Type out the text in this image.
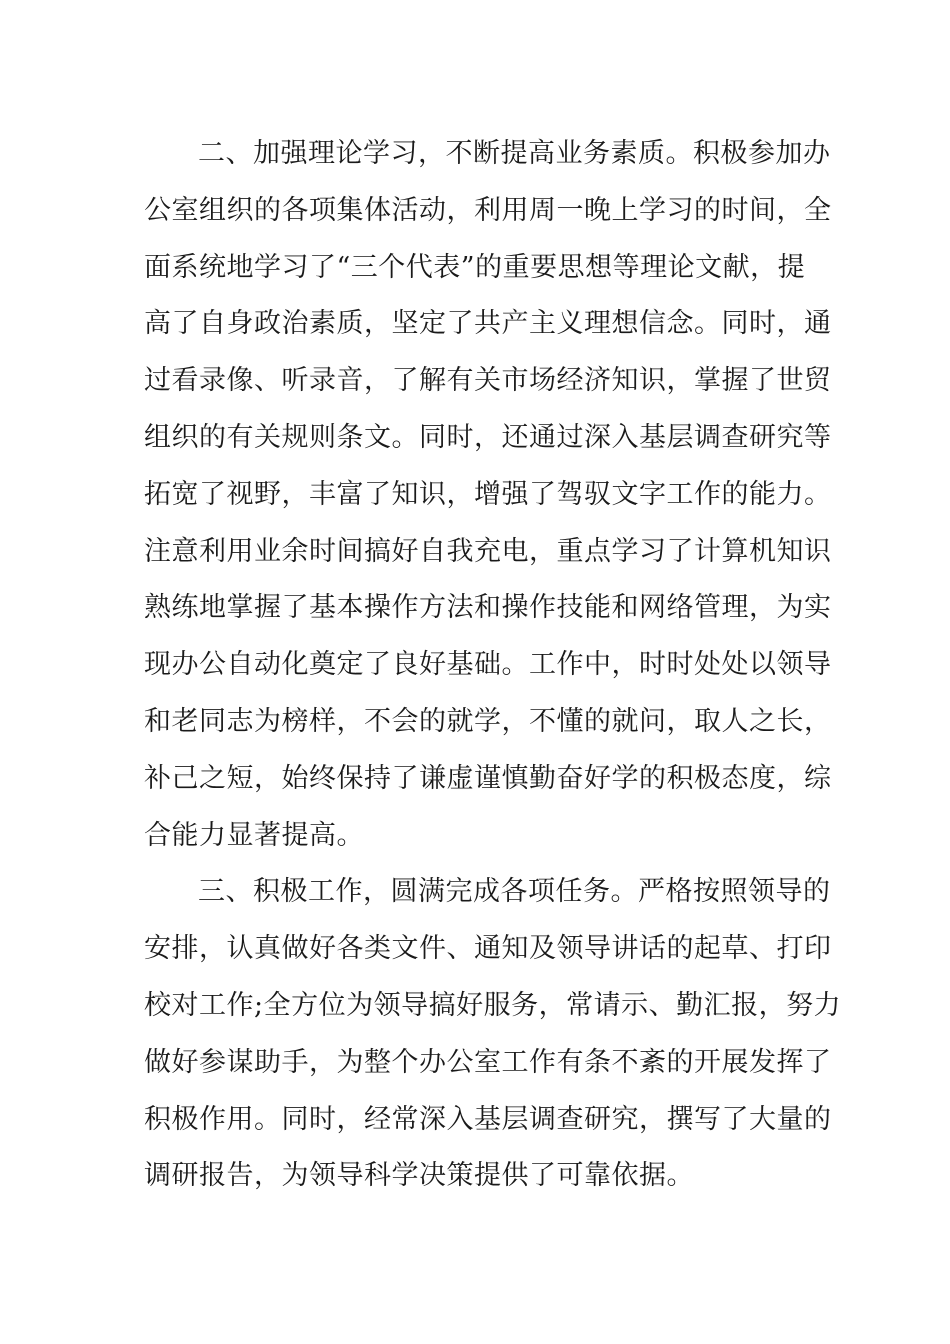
二、加强理论学习，不断提高业务素质。积极参加办
公室组织的各项集体活动，利用周一晚上学习的时间，全
面系统地学习了“三个代表”的重要思想等理论文献，提
高了自身政治素质，坚定了共产主义理想信念。同时，通
过看录像、听录音，了解有关市场经济知识，掌握了世贸
组织的有关规则条文。同时，还通过深入基层调查研究等
拓宽了视野，丰富了知识，增强了驾驭文字工作的能力。
注意利用业余时间搞好自我充电，重点学习了计算机知识
熟练地掌握了基本操作方法和操作技能和网络管理，为实
现办公自动化奠定了良好基础。工作中，时时处处以领导
和老同志为榜样，不会的就学，不懂的就问，取人之长，
补己之短，始终保持了谦虚谨慎勤奋好学的积极态度，综
合能力显著提高。
三、积极工作，圆满完成各项任务。严格按照领导的
安排，认真做好各类文件、通知及领导讲话的起草、打印
校对工作;全方位为领导搞好服务，常请示、勤汇报，努力
做好参谋助手，为整个办公室工作有条不紊的开展发挥了
积极作用。同时，经常深入基层调查研究，撰写了大量的
调研报告，为领导科学决策提供了可靠依据。
